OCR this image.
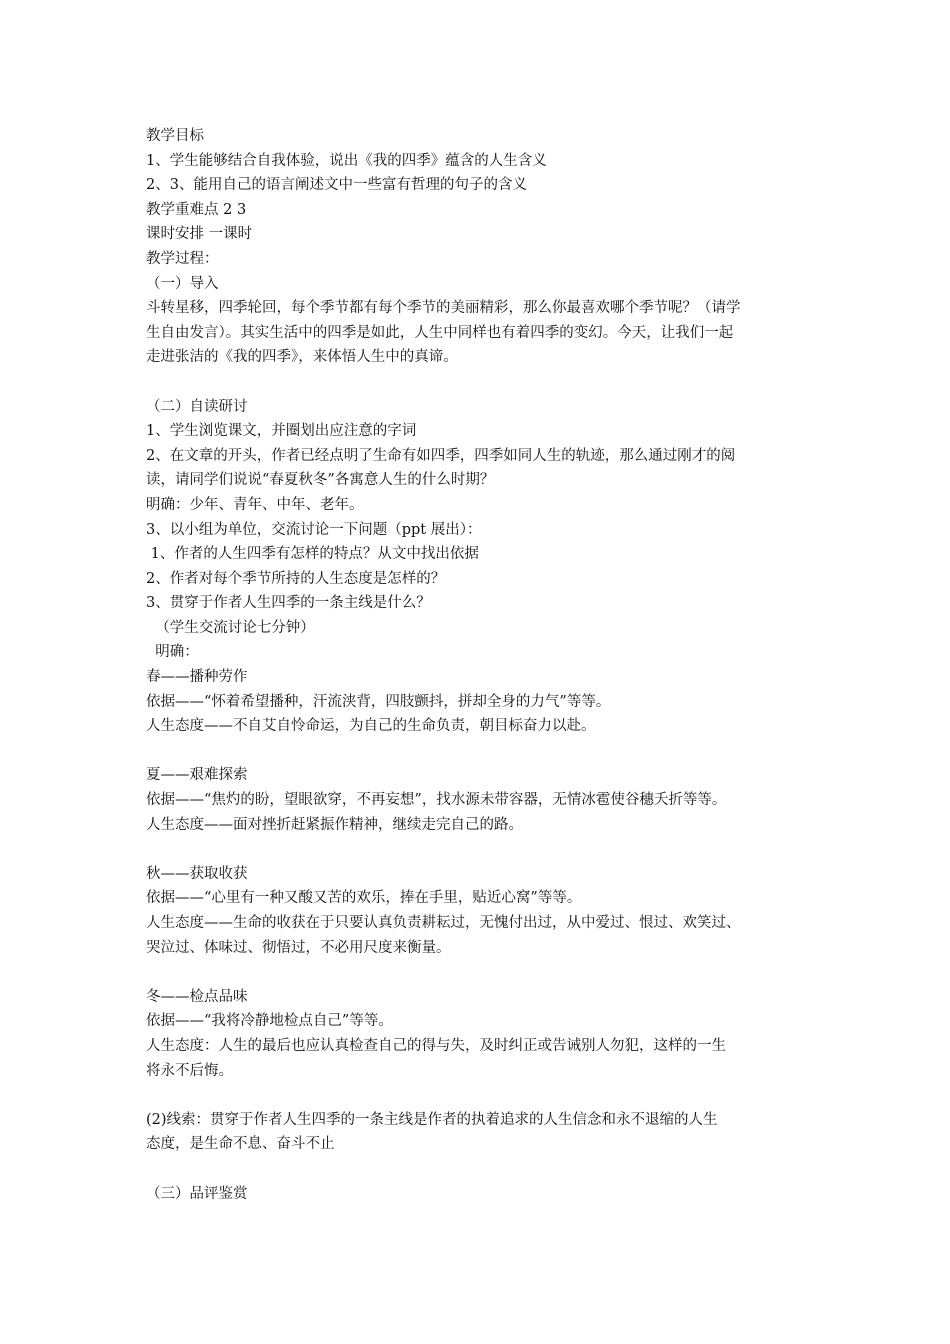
教学目标
1、学生能够结合自我体验，说出《我的四季》蕴含的人生含义
2、3、能用自己的语言阐述文中一些富有哲理的句子的含义
教学重难点 2 3
课时安排 一课时
教学过程：
（一）导入
斗转星移，四季轮回，每个季节都有每个季节的美丽精彩，那么你最喜欢哪个季节呢？（请学
生自由发言）。其实生活中的四季是如此，人生中同样也有着四季的变幻。今天，让我们一起
走进张洁的《我的四季》，来体悟人生中的真谛。
（二）自读研讨
1、学生浏览课文，并圈划出应注意的字词
2、在文章的开头，作者已经点明了生命有如四季，四季如同人生的轨迹，那么通过刚才的阅
读，请同学们说说“春夏秋冬”各寓意人生的什么时期？
明确：少年、青年、中年、老年。
3、以小组为单位，交流讨论一下问题（ppt 展出）：
1、作者的人生四季有怎样的特点？从文中找出依据
2、作者对每个季节所持的人生态度是怎样的？
3、贯穿于作者人生四季的一条主线是什么？
（学生交流讨论七分钟）
明确：
春——播种劳作
依据——“怀着希望播种，汗流浃背，四肢颤抖，拼却全身的力气”等等。
人生态度——不自艾自怜命运，为自己的生命负责，朝目标奋力以赴。
夏——艰难探索
依据——“焦灼的盼，望眼欲穿，不再妄想”，找水源未带容器，无情冰雹使谷穗夭折等等。
人生态度——面对挫折赶紧振作精神，继续走完自己的路。
秋——获取收获
依据——“心里有一种又酸又苦的欢乐，捧在手里，贴近心窝”等等。
人生态度——生命的收获在于只要认真负责耕耘过，无愧付出过，从中爱过、恨过、欢笑过、
哭泣过、体味过、彻悟过，不必用尺度来衡量。
冬——检点品味
依据——“我将冷静地检点自己”等等。
人生态度：人生的最后也应认真检查自己的得与失，及时纠正或告诫别人勿犯，这样的一生
将永不后悔。
(2)线索：贯穿于作者人生四季的一条主线是作者的执着追求的人生信念和永不退缩的人生
态度，是生命不息、奋斗不止
（三）品评鉴赏
